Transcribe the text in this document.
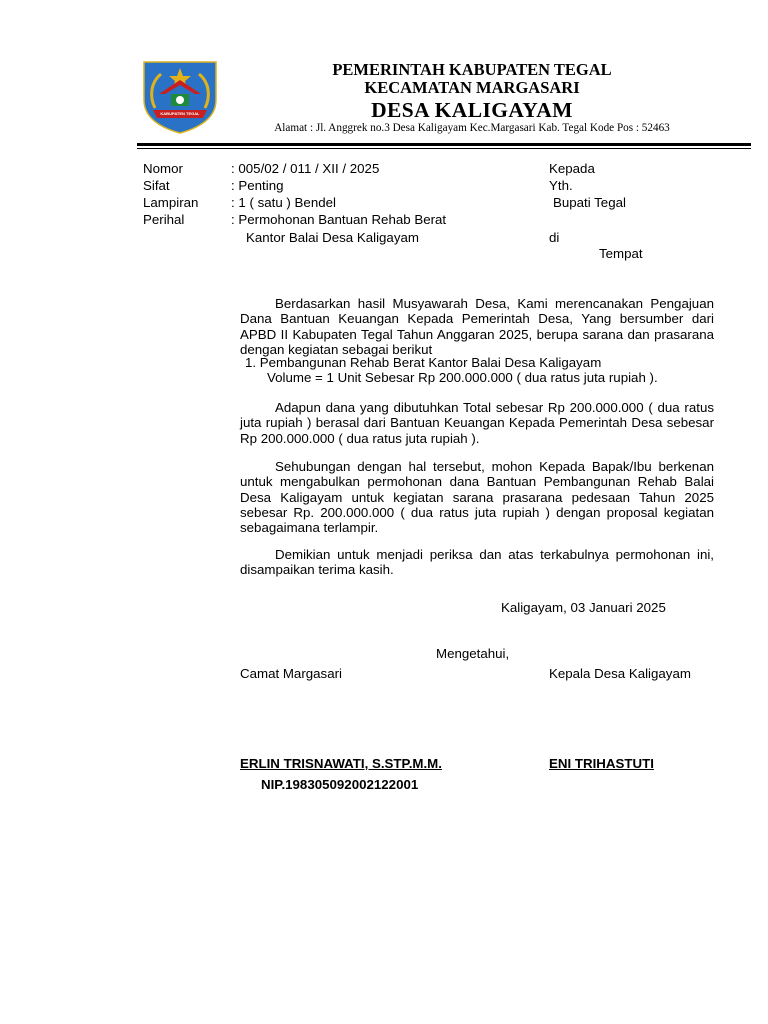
KABUPATEN TEGAL
PEMERINTAH KABUPATEN TEGAL
KECAMATAN MARGASARI
DESA KALIGAYAM
Alamat : Jl. Anggrek no.3 Desa Kaligayam Kec.Margasari Kab. Tegal Kode Pos : 52463
Nomor	: 005/02 / 011 / XII / 2025
Sifat	: Penting
Lampiran : 1 ( satu ) Bendel
Perihal	: Permohonan Bantuan Rehab Berat
Kantor Balai Desa Kaligayam
Kepada
Yth.
Bupati Tegal
di
Tempat

Berdasarkan hasil Musyawarah Desa, Kami merencanakan Pengajuan Dana Bantuan Keuangan Kepada Pemerintah Desa, Yang bersumber dari APBD II Kabupaten Tegal Tahun Anggaran 2025, berupa sarana dan prasarana dengan kegiatan sebagai berikut

1. Pembangunan Rehab Berat Kantor Balai Desa Kaligayam
Volume = 1 Unit Sebesar Rp 200.000.000 ( dua ratus juta rupiah ).

Adapun dana yang dibutuhkan Total sebesar Rp 200.000.000 ( dua ratus juta rupiah ) berasal dari Bantuan Keuangan Kepada Pemerintah Desa sebesar Rp 200.000.000 ( dua ratus juta rupiah ).

Sehubungan dengan hal tersebut, mohon Kepada Bapak/Ibu berkenan untuk mengabulkan permohonan dana Bantuan Pembangunan Rehab Balai Desa Kaligayam untuk kegiatan sarana prasarana pedesaan Tahun 2025 sebesar Rp. 200.000.000 ( dua ratus juta rupiah ) dengan proposal kegiatan sebagaimana terlampir.

Demikian untuk menjadi periksa dan atas terkabulnya permohonan ini, disampaikan terima kasih.

Kaligayam, 03 Januari 2025
Mengetahui,
Camat Margasari	Kepala Desa Kaligayam
ERLIN TRISNAWATI, S.STP.M.M.	ENI TRIHASTUTI
NIP.198305092002122001
